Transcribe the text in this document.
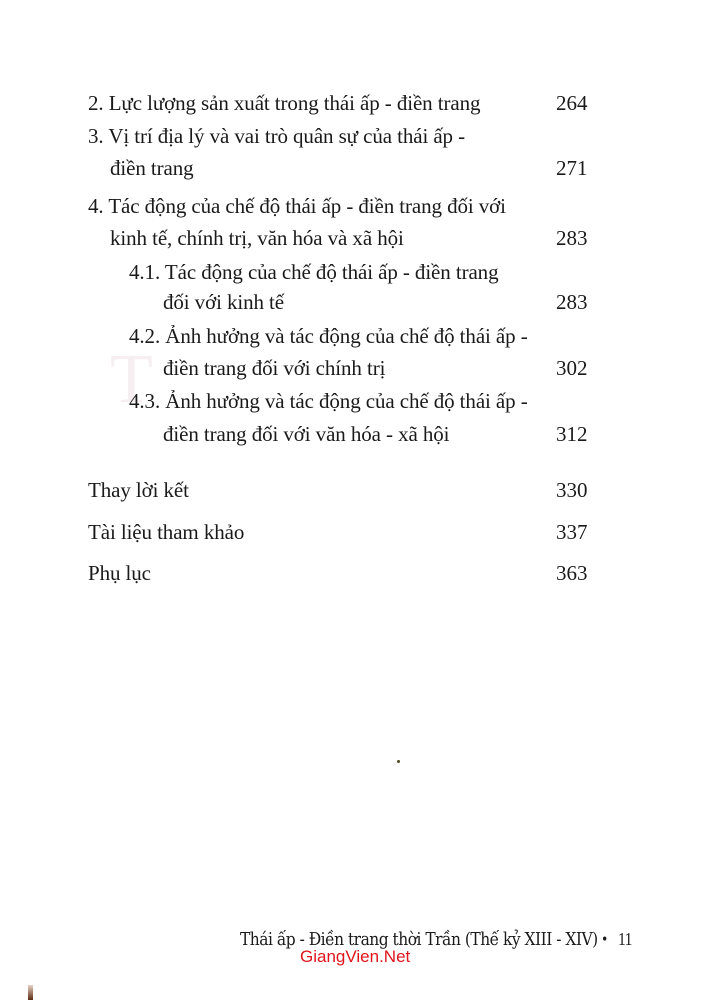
T
2. Lực lượng sản xuất trong thái ấp - điền trang	264
3. Vị trí địa lý và vai trò quân sự của thái ấp -
điền trang	271
4. Tác động của chế độ thái ấp - điền trang đối với
kinh tế, chính trị, văn hóa và xã hội	283
4.1. Tác động của chế độ thái ấp - điền trang
đối với kinh tế	283
4.2. Ảnh hưởng và tác động của chế độ thái ấp -
điền trang đối với chính trị	302
4.3. Ảnh hưởng và tác động của chế độ thái ấp -
điền trang đối với văn hóa - xã hội	312
Thay lời kết	330
Tài liệu tham khảo	337
Phụ lục	363
Thái ấp - Điền trang thời Trần (Thế kỷ XIII - XIV) • 11
GiangVien.Net
